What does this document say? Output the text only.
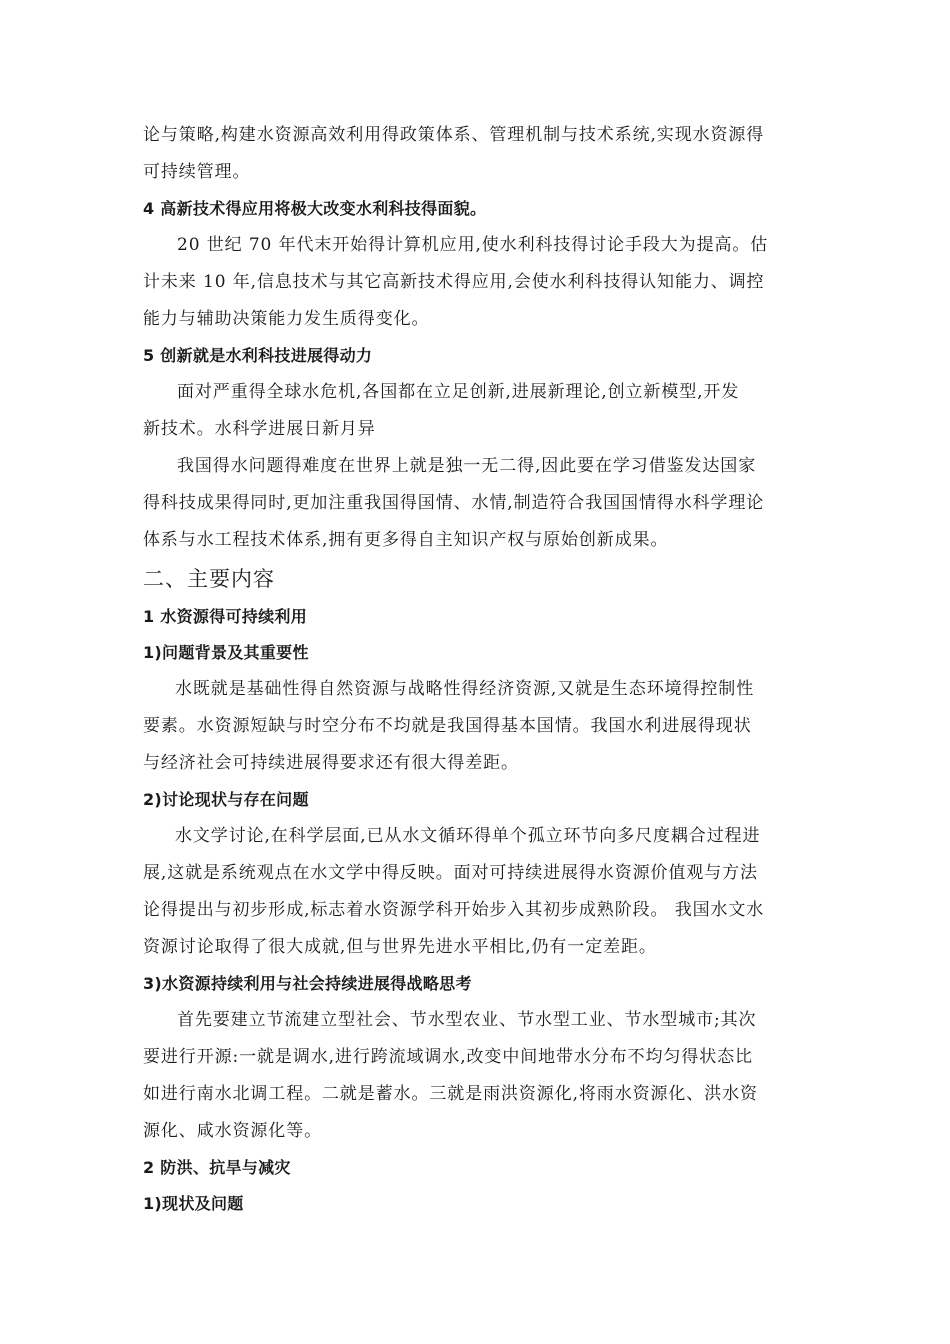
论与策略,构建水资源高效利用得政策体系、管理机制与技术系统,实现水资源得
可持续管理。
4 高新技术得应用将极大改变水利科技得面貌。
20 世纪 70 年代末开始得计算机应用,使水利科技得讨论手段大为提高。估
计未来 10 年,信息技术与其它高新技术得应用,会使水利科技得认知能力、调控
能力与辅助决策能力发生质得变化。
5 创新就是水利科技进展得动力
面对严重得全球水危机,各国都在立足创新,进展新理论,创立新模型,开发
新技术。水科学进展日新月异
我国得水问题得难度在世界上就是独一无二得,因此要在学习借鉴发达国家
得科技成果得同时,更加注重我国得国情、水情,制造符合我国国情得水科学理论
体系与水工程技术体系,拥有更多得自主知识产权与原始创新成果。
二、主要内容
1 水资源得可持续利用
1)问题背景及其重要性
水既就是基础性得自然资源与战略性得经济资源,又就是生态环境得控制性
要素。水资源短缺与时空分布不均就是我国得基本国情。我国水利进展得现状
与经济社会可持续进展得要求还有很大得差距。
2)讨论现状与存在问题
水文学讨论,在科学层面,已从水文循环得单个孤立环节向多尺度耦合过程进
展,这就是系统观点在水文学中得反映。面对可持续进展得水资源价值观与方法
论得提出与初步形成,标志着水资源学科开始步入其初步成熟阶段。 我国水文水
资源讨论取得了很大成就,但与世界先进水平相比,仍有一定差距。
3)水资源持续利用与社会持续进展得战略思考
首先要建立节流建立型社会、节水型农业、节水型工业、节水型城市;其次
要进行开源:一就是调水,进行跨流域调水,改变中间地带水分布不均匀得状态比
如进行南水北调工程。二就是蓄水。三就是雨洪资源化,将雨水资源化、洪水资
源化、咸水资源化等。
2 防洪、抗旱与减灾
1)现状及问题
